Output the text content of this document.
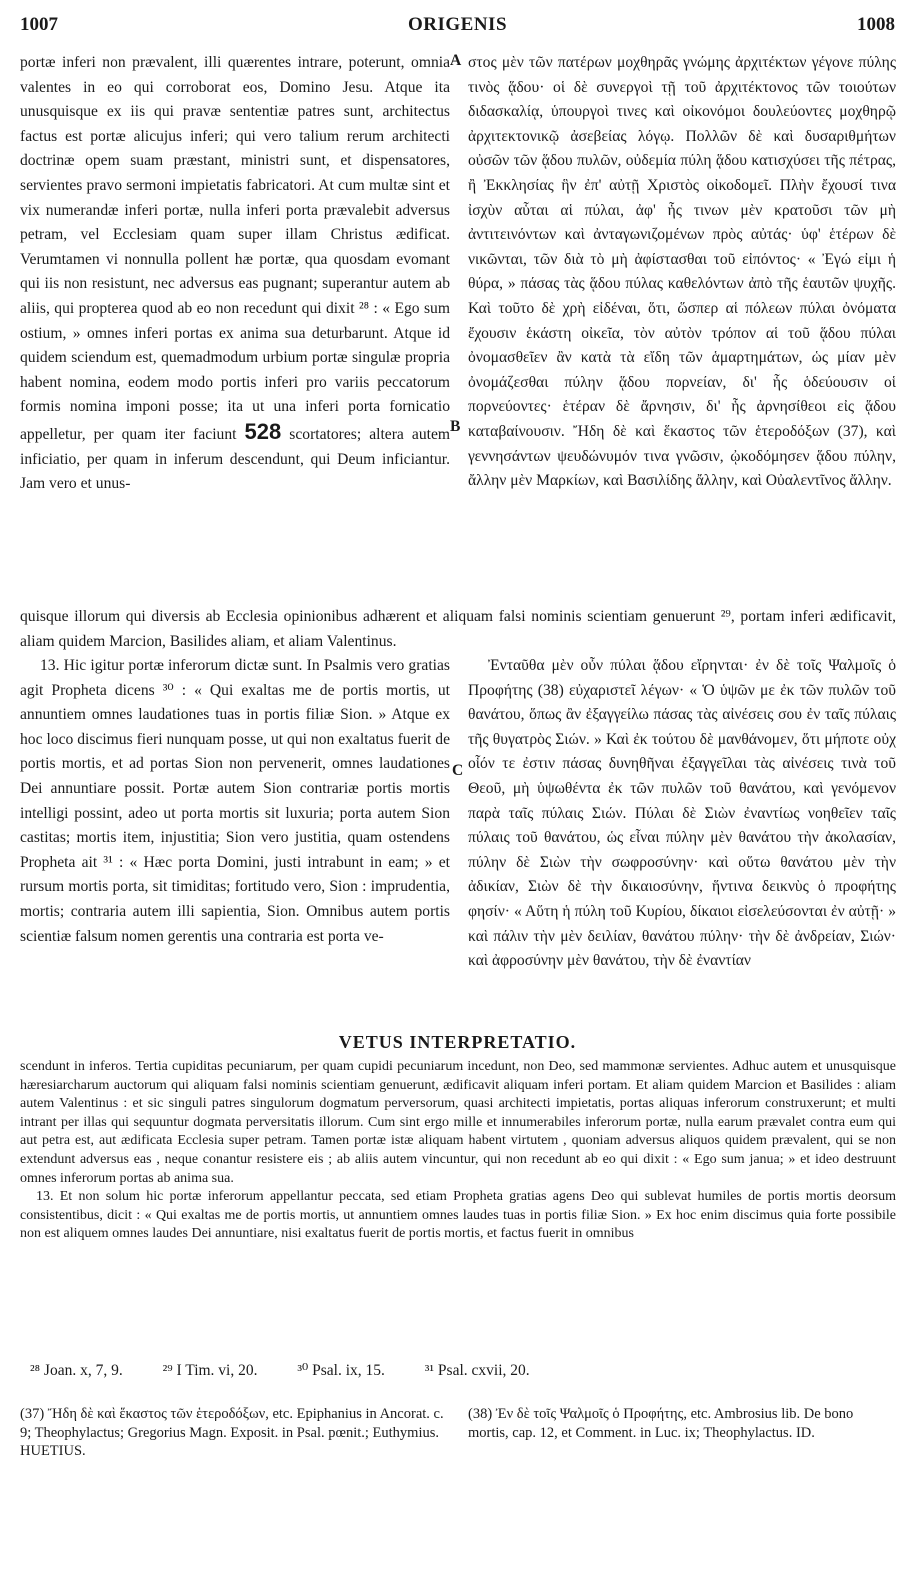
1007	ORIGENIS	1008

portæ inferi non prævalent, illi quærentes intrare, poterunt, omnia valentes in eo qui corroborat eos, Domino Jesu. Atque ita unusquisque ex iis qui pravæ sententiæ patres sunt, architectus factus est portæ alicujus inferi; qui vero talium rerum architecti doctrinæ opem suam præstant, ministri sunt, et dispensatores, servientes pravo sermoni impietatis fabricatori. At cum multæ sint et vix numerandæ inferi portæ, nulla inferi porta prævalebit adversus petram, vel Ecclesiam quam super illam Christus ædificat. Verumtamen vi nonnulla pollent hæ portæ, qua quosdam evomant qui iis non resistunt, nec adversus eas pugnant; superantur autem ab aliis, qui propterea quod ab eo non recedunt qui dixit ²⁸ : « Ego sum ostium, » omnes inferi portas ex anima sua deturbarunt. Atque id quidem sciendum est, quemadmodum urbium portæ singulæ propria habent nomina, eodem modo portis inferi pro variis peccatorum formis nomina imponi posse; ita ut una inferi porta fornicatio appelletur, per quam iter faciunt 528 scortatores; altera autem inficiatio, per quam in inferum descendunt, qui Deum inficiantur. Jam vero et unus-

A στος μὲν τῶν πατέρων μοχθηρᾶς γνώμης ἀρχιτέκτων γέγονε πύλης τινὸς ᾅδου· οἱ δὲ συνεργοὶ τῇ τοῦ ἀρχιτέκτονος τῶν τοιούτων διδασκαλίᾳ, ὑπουργοὶ τινες καὶ οἰκονόμοι δουλεύοντες μοχθηρῷ ἀρχιτεκτονικῷ ἀσεβείας λόγῳ. Πολλῶν δὲ καὶ δυσαριθμήτων οὐσῶν τῶν ᾅδου πυλῶν, οὐδεμία πύλη ᾅδου κατισχύσει τῆς πέτρας, ἢ Ἐκκλησίας ἣν ἐπ' αὐτῇ Χριστὸς οἰκοδομεῖ. Πλὴν ἔχουσί τινα ἰσχὺν αὗται αἱ πύλαι, ἀφ' ἧς τινων μὲν κρατοῦσι τῶν μὴ ἀντιτεινόντων καὶ ἀνταγωνιζομένων πρὸς αὐτάς· ὑφ' ἑτέρων δὲ νικῶνται, τῶν διὰ τὸ μὴ ἀφίστασθαι τοῦ εἰπόντος· « Ἐγώ εἰμι ἡ θύρα, » πάσας τὰς ᾅδου πύλας καθελόντων ἀπὸ τῆς ἑαυτῶν ψυχῆς. Καὶ τοῦτο δὲ χρὴ εἰδέναι, ὅτι, ὥσπερ αἱ πόλεων πύλαι ὀνόματα ἔχουσιν ἑκάστη οἰκεῖα, τὸν αὐτὸν τρόπον αἱ τοῦ ᾅδου πύλαι ὀνομασθεῖεν ἂν κατὰ τὰ εἴδη τῶν ἁμαρτημάτων, ὡς μίαν μὲν ὀνομάζεσθαι πύλην ᾅδου πορνείαν, δι' ἧς ὁδεύουσιν οἱ πορνεύοντες· ἑτέραν δὲ ἄρνησιν, δι' ἧς ἀρνησίθεοι εἰς ᾅδου καταβαίνουσιν. Ἤδη δὲ καὶ ἕκαστος τῶν ἑτεροδόξων (37), καὶ γεννησάντων ψευδώνυμόν τινα γνῶσιν, ᾠκοδόμησεν ᾅδου πύλην, ἄλλην μὲν Μαρκίων, καὶ Βασιλίδης ἄλλην, καὶ Οὐαλεντῖνος ἄλλην.

B

quisque illorum qui diversis ab Ecclesia opinionibus adhærent et aliquam falsi nominis scientiam genuerunt ²⁹, portam inferi ædificavit, aliam quidem Marcion, Basilides aliam, et aliam Valentinus.

13. Hic igitur portæ inferorum dictæ sunt. In Psalmis vero gratias agit Propheta dicens ³⁰ : « Qui exaltas me de portis mortis, ut annuntiem omnes laudationes tuas in portis filiæ Sion. » Atque ex hoc loco discimus fieri nunquam posse, ut qui non exaltatus fuerit de portis mortis, et ad portas Sion non pervenerit, omnes laudationes Dei annuntiare possit. Portæ autem Sion contrariæ portis mortis intelligi possint, adeo ut porta mortis sit luxuria; porta autem Sion castitas; mortis item, injustitia; Sion vero justitia, quam ostendens Propheta ait ³¹ : « Hæc porta Domini, justi intrabunt in eam; » et rursum mortis porta, sit timiditas; fortitudo vero, Sion : imprudentia, mortis; contraria autem illi sapientia, Sion. Omnibus autem portis scientiæ falsum nomen gerentis una contraria est porta ve-

C

Ἐνταῦθα μὲν οὖν πύλαι ᾅδου εἴρηνται· ἐν δὲ τοῖς Ψαλμοῖς ὁ Προφήτης (38) εὐχαριστεῖ λέγων· « Ὁ ὑψῶν με ἐκ τῶν πυλῶν τοῦ θανάτου, ὅπως ἂν ἐξαγγείλω πάσας τὰς αἰνέσεις σου ἐν ταῖς πύλαις τῆς θυγατρὸς Σιών. » Καὶ ἐκ τούτου δὲ μανθάνομεν, ὅτι μήποτε οὐχ οἷόν τε ἐστιν πάσας δυνηθῆναι ἐξαγγεῖλαι τὰς αἰνέσεις τινὰ τοῦ Θεοῦ, μὴ ὑψωθέντα ἐκ τῶν πυλῶν τοῦ θανάτου, καὶ γενόμενον παρὰ ταῖς πύλαις Σιών. Πύλαι δὲ Σιὼν ἐναντίως νοηθεῖεν ταῖς πύλαις τοῦ θανάτου, ὡς εἶναι πύλην μὲν θανάτου τὴν ἀκολασίαν, πύλην δὲ Σιὼν τὴν σωφροσύνην· καὶ οὕτω θανάτου μὲν τὴν ἀδικίαν, Σιὼν δὲ τὴν δικαιοσύνην, ἥντινα δεικνὺς ὁ προφήτης φησίν· « Αὕτη ἡ πύλη τοῦ Κυρίου, δίκαιοι εἰσελεύσονται ἐν αὐτῇ· » καὶ πάλιν τὴν μὲν δειλίαν, θανάτου πύλην· τὴν δὲ ἀνδρείαν, Σιών· καὶ ἀφροσύνην μὲν θανάτου, τὴν δὲ ἐναντίαν

VETUS INTERPRETATIO.

scendunt in inferos. Tertia cupiditas pecuniarum, per quam cupidi pecuniarum incedunt, non Deo, sed mammonæ servientes. Adhuc autem et unusquisque hæresiarcharum auctorum qui aliquam falsi nominis scientiam genuerunt, ædificavit aliquam inferi portam. Et aliam quidem Marcion et Basilides : aliam autem Valentinus : et sic singuli patres singulorum dogmatum perversorum, quasi architecti impietatis, portas aliquas inferorum construxerunt; et multi intrant per illas qui sequuntur dogmata perversitatis illorum. Cum sint ergo mille et innumerabiles inferorum portæ, nulla earum prævalet contra eum qui aut petra est, aut ædificata Ecclesia super petram. Tamen portæ istæ aliquam habent virtutem , quoniam adversus aliquos quidem prævalent, qui se non extendunt adversus eas , neque conantur resistere eis ; ab aliis autem vincuntur, qui non recedunt ab eo qui dixit : « Ego sum janua; » et ideo destruunt omnes inferorum portas ab anima sua.

13. Et non solum hic portæ inferorum appellantur peccata, sed etiam Propheta gratias agens Deo qui sublevat humiles de portis mortis deorsum consistentibus, dicit : « Qui exaltas me de portis mortis, ut annuntiem omnes laudes tuas in portis filiæ Sion. » Ex hoc enim discimus quia forte possibile non est aliquem omnes laudes Dei annuntiare, nisi exaltatus fuerit de portis mortis, et factus fuerit in omnibus

²⁸ Joan. x, 7, 9.	²⁹ I Tim. vi, 20.	³⁰ Psal. ix, 15.	³¹ Psal. cxvii, 20.
(37) Ἤδη δὲ καὶ ἕκαστος τῶν ἑτεροδόξων, etc. Epiphanius in Ancorat. c. 9; Theophylactus; Gregorius Magn. Exposit. in Psal. pœnit.; Euthymius. HUETIUS.
(38) Ἐν δὲ τοῖς Ψαλμοῖς ὁ Προφήτης, etc. Ambrosius lib. De bono mortis, cap. 12, et Comment. in Luc. ix; Theophylactus. ID.
